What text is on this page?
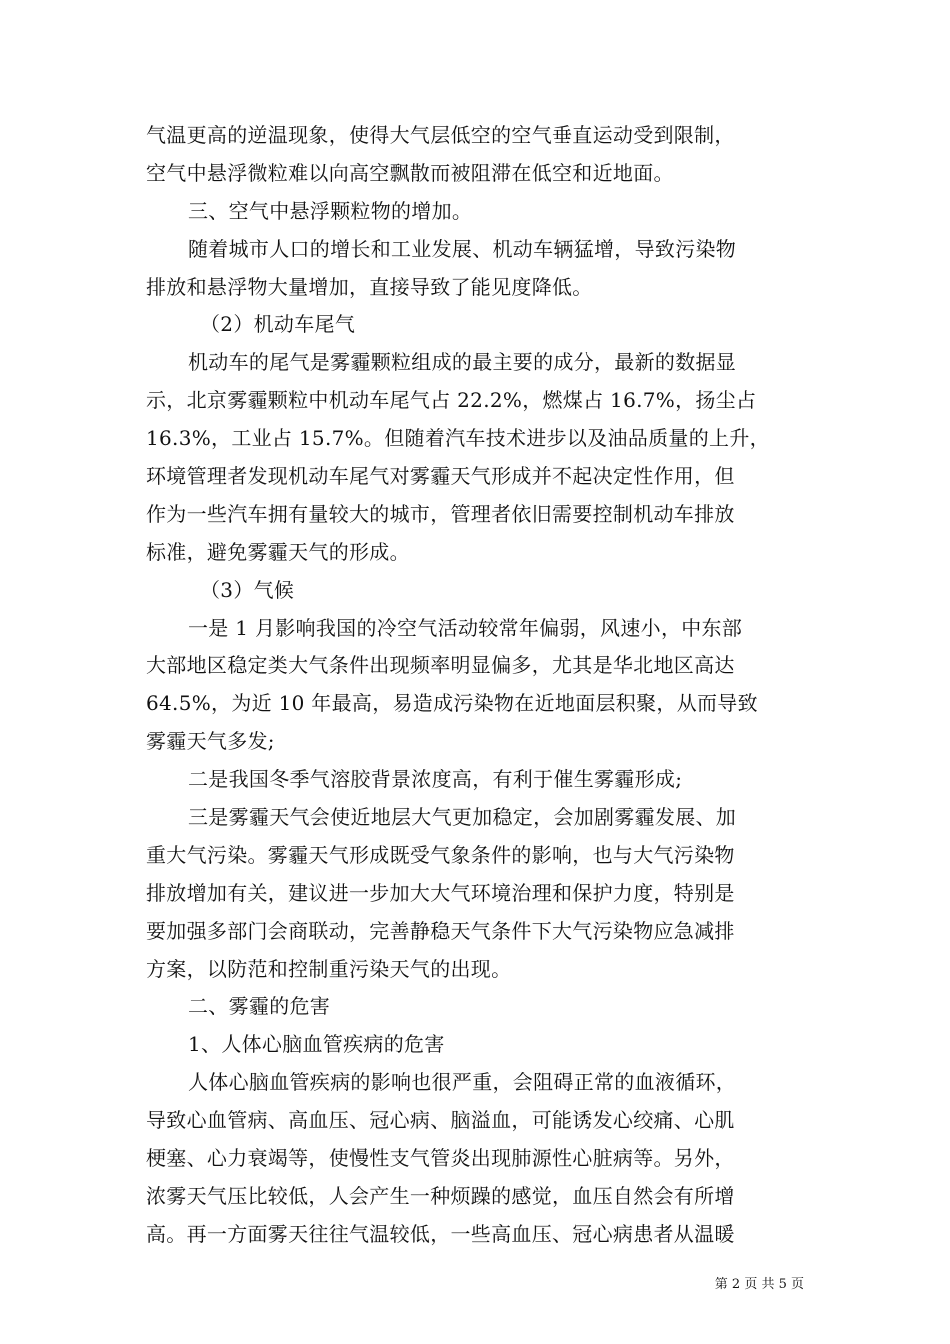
气温更高的逆温现象，使得大气层低空的空气垂直运动受到限制，
空气中悬浮微粒难以向高空飘散而被阻滞在低空和近地面。
三、空气中悬浮颗粒物的增加。
随着城市人口的增长和工业发展、机动车辆猛增，导致污染物
排放和悬浮物大量增加，直接导致了能见度降低。
（2）机动车尾气
机动车的尾气是雾霾颗粒组成的最主要的成分，最新的数据显
示，北京雾霾颗粒中机动车尾气占 22.2%，燃煤占 16.7%，扬尘占
16.3%，工业占 15.7%。但随着汽车技术进步以及油品质量的上升，
环境管理者发现机动车尾气对雾霾天气形成并不起决定性作用，但
作为一些汽车拥有量较大的城市，管理者依旧需要控制机动车排放
标准，避免雾霾天气的形成。
（3）气候
一是 1 月影响我国的冷空气活动较常年偏弱，风速小，中东部
大部地区稳定类大气条件出现频率明显偏多，尤其是华北地区高达
64.5%，为近 10 年最高，易造成污染物在近地面层积聚，从而导致
雾霾天气多发;
二是我国冬季气溶胶背景浓度高，有利于催生雾霾形成;
三是雾霾天气会使近地层大气更加稳定，会加剧雾霾发展、加
重大气污染。雾霾天气形成既受气象条件的影响，也与大气污染物
排放增加有关，建议进一步加大大气环境治理和保护力度，特别是
要加强多部门会商联动，完善静稳天气条件下大气污染物应急减排
方案，以防范和控制重污染天气的出现。
二、雾霾的危害
1、人体心脑血管疾病的危害
人体心脑血管疾病的影响也很严重，会阻碍正常的血液循环，
导致心血管病、高血压、冠心病、脑溢血，可能诱发心绞痛、心肌
梗塞、心力衰竭等，使慢性支气管炎出现肺源性心脏病等。另外，
浓雾天气压比较低，人会产生一种烦躁的感觉，血压自然会有所增
高。再一方面雾天往往气温较低，一些高血压、冠心病患者从温暖
第 2 页 共 5 页
